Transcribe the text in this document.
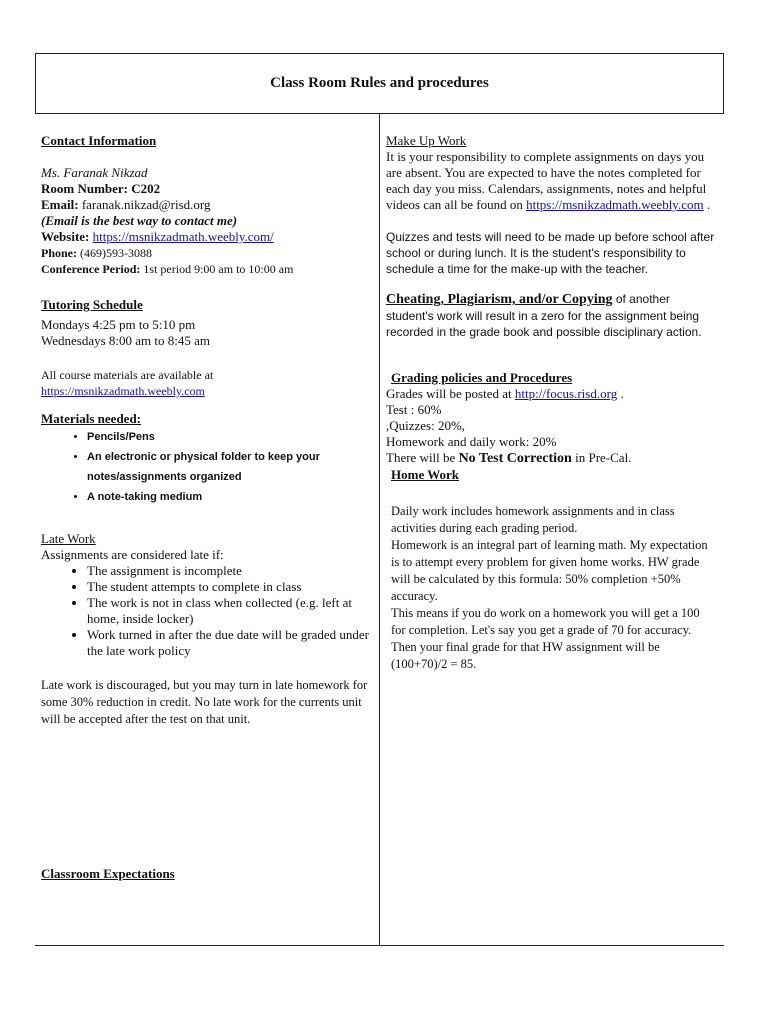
Class Room Rules and procedures

Contact Information

Ms. Faranak Nikzad

Room Number: C202

Email: faranak.nikzad@risd.org

(Email is the best way to contact me)

Website: https://msnikzadmath.weebly.com/

Phone: (469)593-3088

Conference Period: 1st period 9:00 am to 10:00 am

Tutoring Schedule

Mondays 4:25 pm to 5:10 pm

Wednesdays 8:00 am to 8:45 am

All course materials are available at

https://msnikzadmath.weebly.com

Materials needed:

• Pencils/Pens
• An electronic or physical folder to keep your notes/assignments organized
• A note-taking medium

Late Work

Assignments are considered late if:

• The assignment is incomplete
• The student attempts to complete in class
• The work is not in class when collected (e.g. left at home, inside locker)
• Work turned in after the due date will be graded under the late work policy

Late work is discouraged, but you may turn in late homework for some 30% reduction in credit. No late work for the currents unit will be accepted after the test on that unit.

Classroom Expectations

Make Up Work

It is your responsibility to complete assignments on days you are absent. You are expected to have the notes completed for each day you miss. Calendars, assignments, notes and helpful videos can all be found on https://msnikzadmath.weebly.com .

Quizzes and tests will need to be made up before school after school or during lunch. It is the student's responsibility to schedule a time for the make-up with the teacher.

Cheating, Plagiarism, and/or Copying of another student's work will result in a zero for the assignment being recorded in the grade book and possible disciplinary action.

Grading policies and Procedures

Grades will be posted at http://focus.risd.org .

Test : 60%

,Quizzes: 20%,

Homework and daily work: 20%

There will be No Test Correction in Pre-Cal.

Home Work

Daily work includes homework assignments and in class activities during each grading period.

Homework is an integral part of learning math. My expectation is to attempt every problem for given home works. HW grade will be calculated by this formula: 50% completion +50% accuracy.

This means if you do work on a homework you will get a 100 for completion. Let's say you get a grade of 70 for accuracy. Then your final grade for that HW assignment will be (100+70)/2 = 85.
